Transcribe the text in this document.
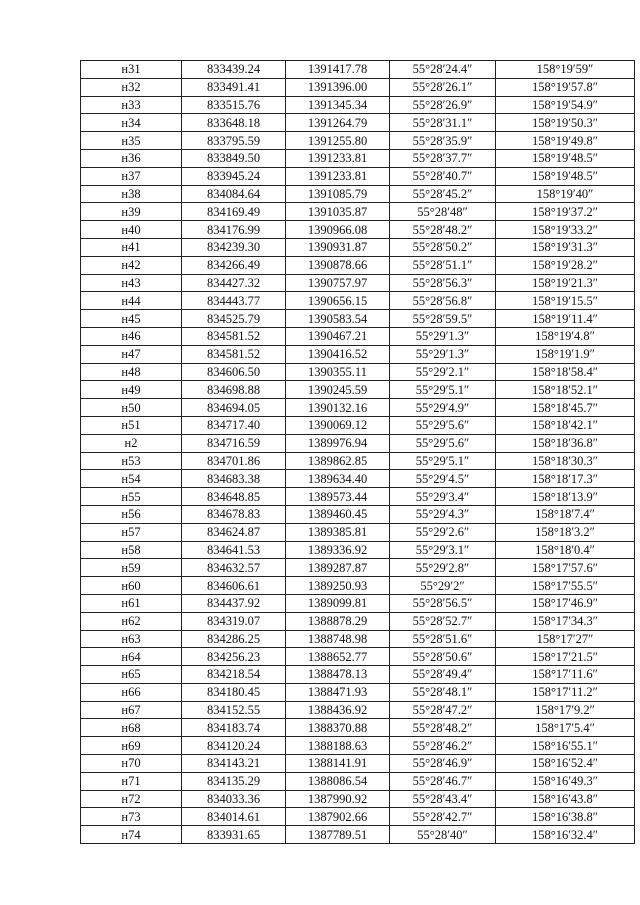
н31	833439.24	1391417.78	55°28′24.4″	158°19′59″
н32	833491.41	1391396.00	55°28′26.1″	158°19′57.8″
н33	833515.76	1391345.34	55°28′26.9″	158°19′54.9″
н34	833648.18	1391264.79	55°28′31.1″	158°19′50.3″
н35	833795.59	1391255.80	55°28′35.9″	158°19′49.8″
н36	833849.50	1391233.81	55°28′37.7″	158°19′48.5″
н37	833945.24	1391233.81	55°28′40.7″	158°19′48.5″
н38	834084.64	1391085.79	55°28′45.2″	158°19′40″
н39	834169.49	1391035.87	55°28′48″	158°19′37.2″
н40	834176.99	1390966.08	55°28′48.2″	158°19′33.2″
н41	834239.30	1390931.87	55°28′50.2″	158°19′31.3″
н42	834266.49	1390878.66	55°28′51.1″	158°19′28.2″
н43	834427.32	1390757.97	55°28′56.3″	158°19′21.3″
н44	834443.77	1390656.15	55°28′56.8″	158°19′15.5″
н45	834525.79	1390583.54	55°28′59.5″	158°19′11.4″
н46	834581.52	1390467.21	55°29′1.3″	158°19′4.8″
н47	834581.52	1390416.52	55°29′1.3″	158°19′1.9″
н48	834606.50	1390355.11	55°29′2.1″	158°18′58.4″
н49	834698.88	1390245.59	55°29′5.1″	158°18′52.1″
н50	834694.05	1390132.16	55°29′4.9″	158°18′45.7″
н51	834717.40	1390069.12	55°29′5.6″	158°18′42.1″
н2	834716.59	1389976.94	55°29′5.6″	158°18′36.8″
н53	834701.86	1389862.85	55°29′5.1″	158°18′30.3″
н54	834683.38	1389634.40	55°29′4.5″	158°18′17.3″
н55	834648.85	1389573.44	55°29′3.4″	158°18′13.9″
н56	834678.83	1389460.45	55°29′4.3″	158°18′7.4″
н57	834624.87	1389385.81	55°29′2.6″	158°18′3.2″
н58	834641.53	1389336.92	55°29′3.1″	158°18′0.4″
н59	834632.57	1389287.87	55°29′2.8″	158°17′57.6″
н60	834606.61	1389250.93	55°29′2″	158°17′55.5″
н61	834437.92	1389099.81	55°28′56.5″	158°17′46.9″
н62	834319.07	1388878.29	55°28′52.7″	158°17′34.3″
н63	834286.25	1388748.98	55°28′51.6″	158°17′27″
н64	834256.23	1388652.77	55°28′50.6″	158°17′21.5″
н65	834218.54	1388478.13	55°28′49.4″	158°17′11.6″
н66	834180.45	1388471.93	55°28′48.1″	158°17′11.2″
н67	834152.55	1388436.92	55°28′47.2″	158°17′9.2″
н68	834183.74	1388370.88	55°28′48.2″	158°17′5.4″
н69	834120.24	1388188.63	55°28′46.2″	158°16′55.1″
н70	834143.21	1388141.91	55°28′46.9″	158°16′52.4″
н71	834135.29	1388086.54	55°28′46.7″	158°16′49.3″
н72	834033.36	1387990.92	55°28′43.4″	158°16′43.8″
н73	834014.61	1387902.66	55°28′42.7″	158°16′38.8″
н74	833931.65	1387789.51	55°28′40″	158°16′32.4″
